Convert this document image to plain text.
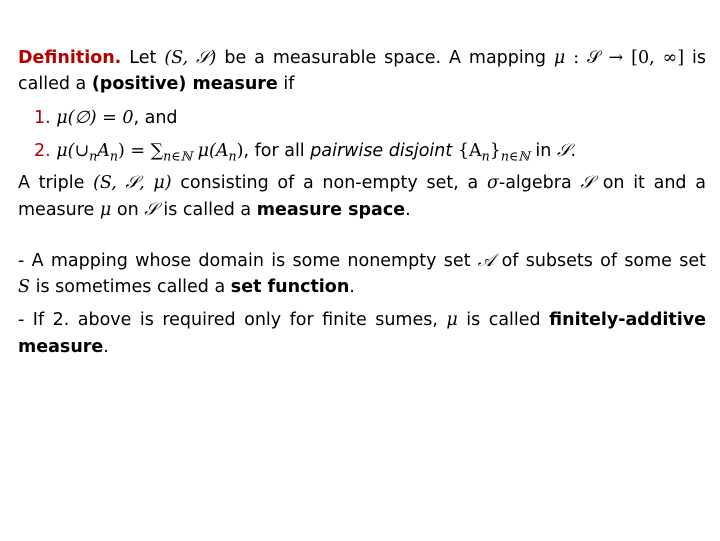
Definition. Let (S, 𝒮) be a measurable space. A mapping μ : 𝒮 → [0, ∞] is
called a (positive) measure if
1. μ(∅) = 0, and
2. $\mu(\cup_nA_n) = \sum_{n\in ℕ}$ $\mu(A_n)$, for all pairwise disjoint $\{A_n\}_{n\in ℕ}$ in 𝒮.
A triple (S, 𝒮, μ) consisting of a non-empty set, a σ-algebra 𝒮 on it and a
measure μ on 𝒮 is called a measure space.
- A mapping whose domain is some nonempty set 𝒜 of subsets of some set
S is sometimes called a set function.
- If 2. above is required only for finite sumes, μ is called finitely-additive
measure.
